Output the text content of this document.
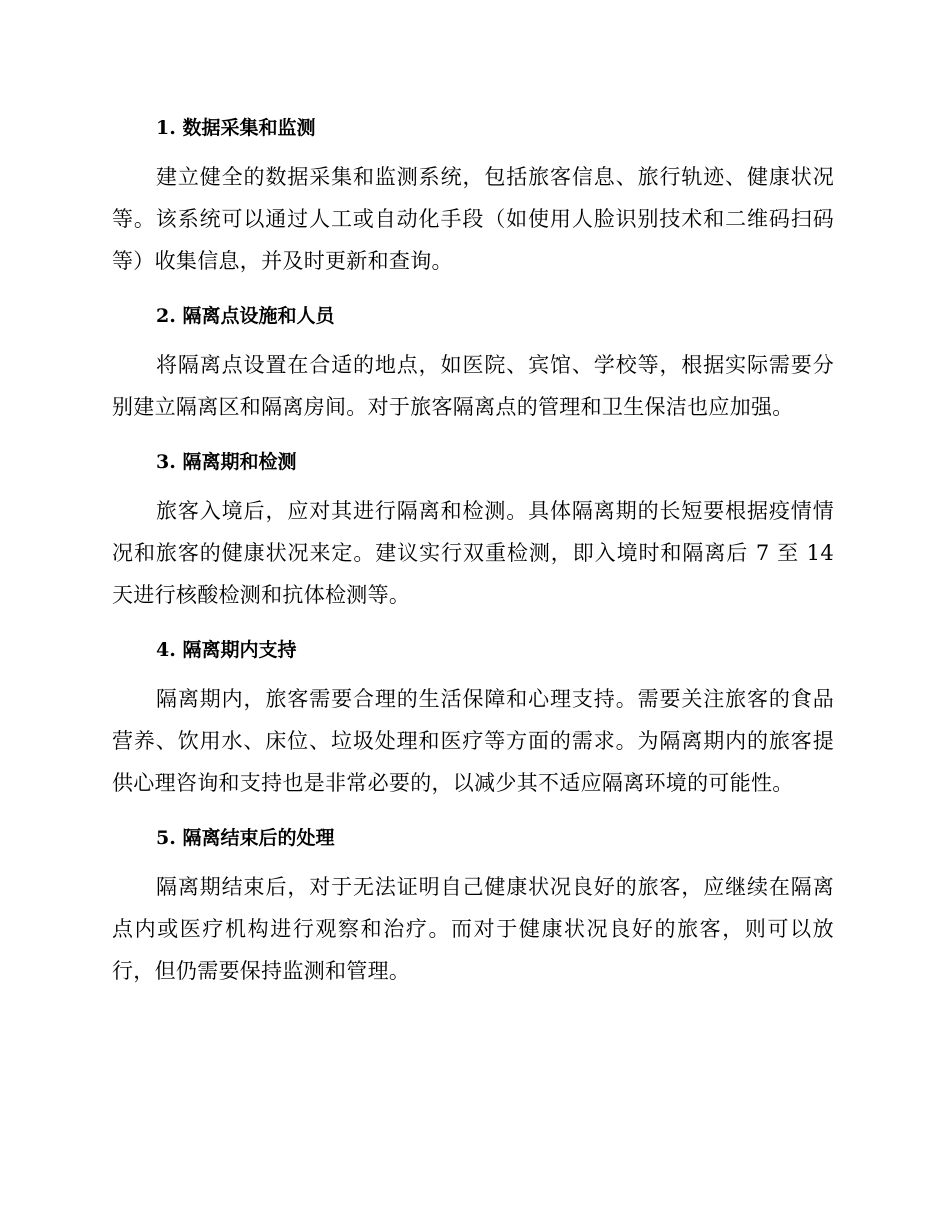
1. 数据采集和监测

建立健全的数据采集和监测系统，包括旅客信息、旅行轨迹、健康状况等。该系统可以通过人工或自动化手段（如使用人脸识别技术和二维码扫码等）收集信息，并及时更新和查询。

2. 隔离点设施和人员

将隔离点设置在合适的地点，如医院、宾馆、学校等，根据实际需要分别建立隔离区和隔离房间。对于旅客隔离点的管理和卫生保洁也应加强。

3. 隔离期和检测

旅客入境后，应对其进行隔离和检测。具体隔离期的长短要根据疫情情况和旅客的健康状况来定。建议实行双重检测，即入境时和隔离后 7 至 14 天进行核酸检测和抗体检测等。

4. 隔离期内支持

隔离期内，旅客需要合理的生活保障和心理支持。需要关注旅客的食品营养、饮用水、床位、垃圾处理和医疗等方面的需求。为隔离期内的旅客提供心理咨询和支持也是非常必要的，以减少其不适应隔离环境的可能性。

5. 隔离结束后的处理

隔离期结束后，对于无法证明自己健康状况良好的旅客，应继续在隔离点内或医疗机构进行观察和治疗。而对于健康状况良好的旅客，则可以放行，但仍需要保持监测和管理。
